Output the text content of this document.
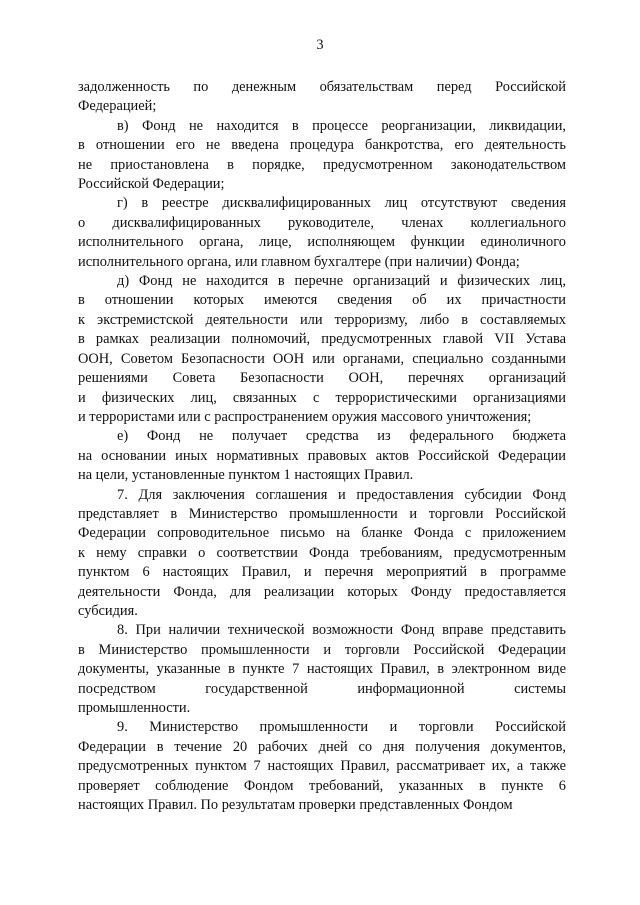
3
задолженность по денежным обязательствам перед Российской
Федерацией;
в) Фонд не находится в процессе реорганизации, ликвидации,
в отношении его не введена процедура банкротства, его деятельность
не приостановлена в порядке, предусмотренном законодательством
Российской Федерации;
г) в реестре дисквалифицированных лиц отсутствуют сведения
о дисквалифицированных руководителе, членах коллегиального
исполнительного органа, лице, исполняющем функции единоличного
исполнительного органа, или главном бухгалтере (при наличии) Фонда;
д) Фонд не находится в перечне организаций и физических лиц,
в отношении которых имеются сведения об их причастности
к экстремистской деятельности или терроризму, либо в составляемых
в рамках реализации полномочий, предусмотренных главой VII Устава
ООН, Советом Безопасности ООН или органами, специально созданными
решениями Совета Безопасности ООН, перечнях организаций
и физических лиц, связанных с террористическими организациями
и террористами или с распространением оружия массового уничтожения;
е) Фонд не получает средства из федерального бюджета
на основании иных нормативных правовых актов Российской Федерации
на цели, установленные пунктом 1 настоящих Правил.
7. Для заключения соглашения и предоставления субсидии Фонд
представляет в Министерство промышленности и торговли Российской
Федерации сопроводительное письмо на бланке Фонда с приложением
к нему справки о соответствии Фонда требованиям, предусмотренным
пунктом 6 настоящих Правил, и перечня мероприятий в программе
деятельности Фонда, для реализации которых Фонду предоставляется
субсидия.
8. При наличии технической возможности Фонд вправе представить
в Министерство промышленности и торговли Российской Федерации
документы, указанные в пункте 7 настоящих Правил, в электронном виде
посредством государственной информационной системы
промышленности.
9. Министерство промышленности и торговли Российской
Федерации в течение 20 рабочих дней со дня получения документов,
предусмотренных пунктом 7 настоящих Правил, рассматривает их, а также
проверяет соблюдение Фондом требований, указанных в пункте 6
настоящих Правил. По результатам проверки представленных Фондом
